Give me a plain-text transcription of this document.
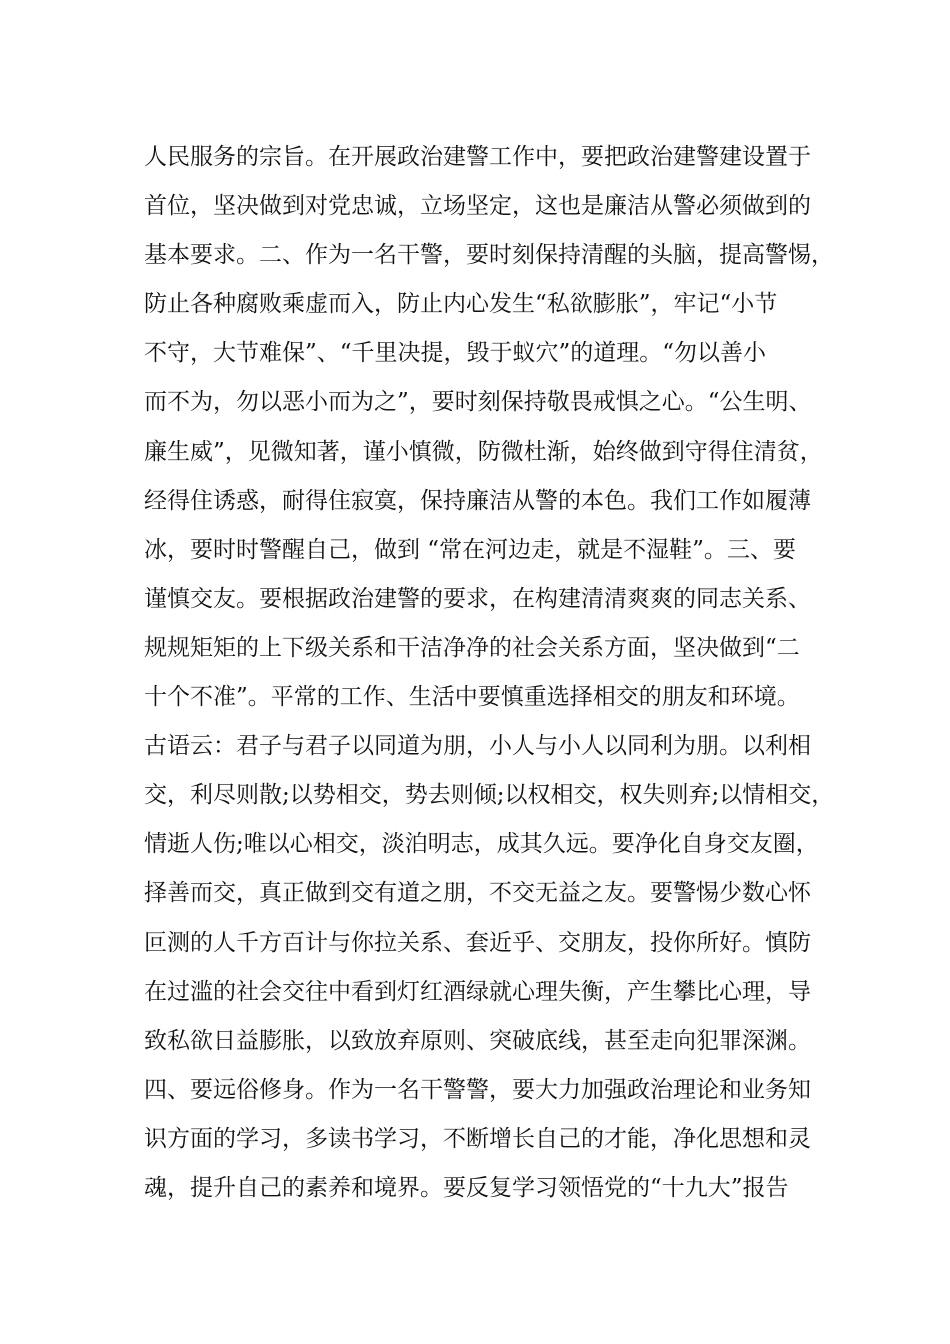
人民服务的宗旨。在开展政治建警工作中，要把政治建警建设置于
首位，坚决做到对党忠诚，立场坚定，这也是廉洁从警必须做到的
基本要求。二、作为一名干警，要时刻保持清醒的头脑，提高警惕，
防止各种腐败乘虚而入，防止内心发生“私欲膨胀”，牢记“小节
不守，大节难保”、“千里决提，毁于蚁穴”的道理。“勿以善小
而不为，勿以恶小而为之”，要时刻保持敬畏戒惧之心。“公生明、
廉生威”，见微知著，谨小慎微，防微杜渐，始终做到守得住清贫，
经得住诱惑，耐得住寂寞，保持廉洁从警的本色。我们工作如履薄
冰，要时时警醒自己，做到 “常在河边走，就是不湿鞋”。三、要
谨慎交友。要根据政治建警的要求，在构建清清爽爽的同志关系、
规规矩矩的上下级关系和干洁净净的社会关系方面，坚决做到“二
十个不准”。平常的工作、生活中要慎重选择相交的朋友和环境。
古语云：君子与君子以同道为朋，小人与小人以同利为朋。以利相
交，利尽则散;以势相交，势去则倾;以权相交，权失则弃;以情相交，
情逝人伤;唯以心相交，淡泊明志，成其久远。要净化自身交友圈，
择善而交，真正做到交有道之朋，不交无益之友。要警惕少数心怀
叵测的人千方百计与你拉关系、套近乎、交朋友，投你所好。慎防
在过滥的社会交往中看到灯红酒绿就心理失衡，产生攀比心理，导
致私欲日益膨胀，以致放弃原则、突破底线，甚至走向犯罪深渊。
四、要远俗修身。作为一名干警警，要大力加强政治理论和业务知
识方面的学习，多读书学习，不断增长自己的才能，净化思想和灵
魂，提升自己的素养和境界。要反复学习领悟党的“十九大”报告
